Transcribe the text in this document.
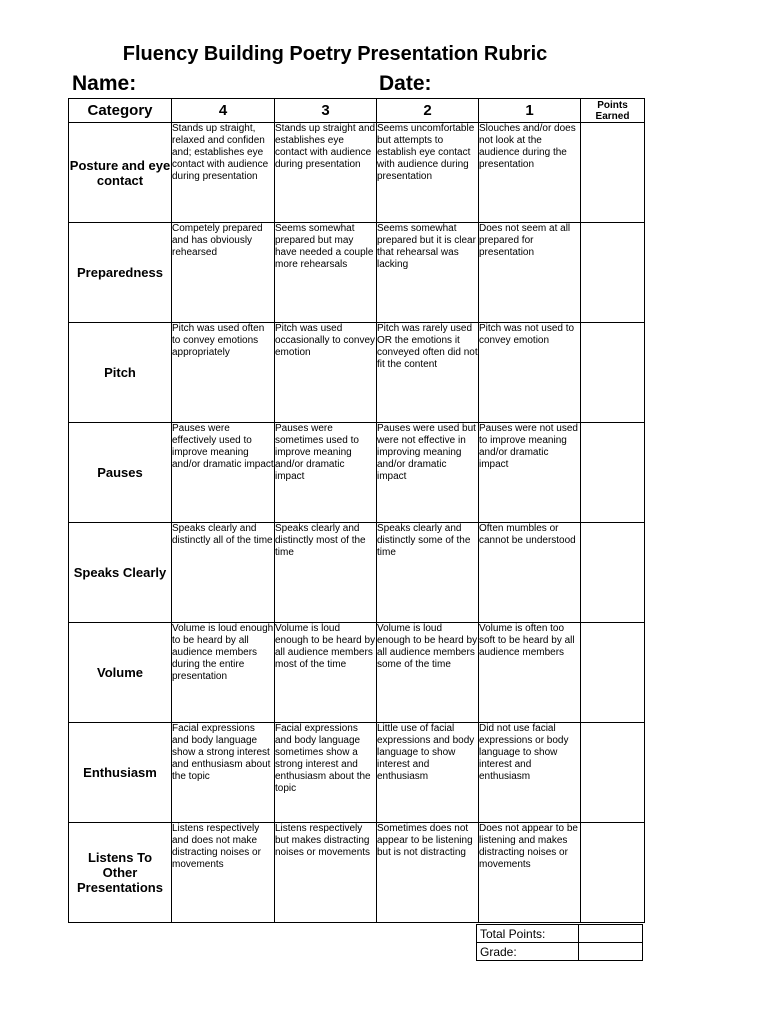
Fluency Building Poetry Presentation Rubric
Name:	Date:
Category	4	3	2	1	Points Earned
Posture and eye contact	Stands up straight, relaxed and confiden and; establishes eye contact with audience during presentation	Stands up straight and establishes eye contact with audience during presentation	Seems uncomfortable but attempts to establish eye contact with audience during presentation	Slouches and/or does not look at the audience during the presentation	
Preparedness	Competely prepared and has obviously rehearsed	Seems somewhat prepared but may have needed a couple more rehearsals	Seems somewhat prepared but it is clear that rehearsal was lacking	Does not seem at all prepared for presentation	
Pitch	Pitch was used often to convey emotions appropriately	Pitch was used occasionally to convey emotion	Pitch was rarely used OR the emotions it conveyed often did not fit the content	Pitch was not used to convey emotion	
Pauses	Pauses were effectively used to improve meaning and/or dramatic impact	Pauses were sometimes used to improve meaning and/or dramatic impact	Pauses were used but were not effective in improving meaning and/or dramatic impact	Pauses were not used to improve meaning and/or dramatic impact	
Speaks Clearly	Speaks clearly and distinctly all of the time	Speaks clearly and distinctly most of the time	Speaks clearly and distinctly some of the time	Often mumbles or cannot be understood	
Volume	Volume is loud enough to be heard by all audience members during the entire presentation	Volume is loud enough to be heard by all audience members most of the time	Volume is loud enough to be heard by all audience members some of the time	Volume is often too soft to be heard by all audience members	
Enthusiasm	Facial expressions and body language show a strong interest and enthusiasm about the topic	Facial expressions and body language sometimes show a strong interest and enthusiasm about the topic	Little use of facial expressions and body language to show interest and enthusiasm	Did not use facial expressions or body language to show interest and enthusiasm	
Listens To Other Presentations	Listens respectively and does not make distracting noises or movements	Listens respectively but makes distracting noises or movements	Sometimes does not appear to be listening but is not distracting	Does not appear to be listening and makes distracting noises or movements	
Total Points:	
Grade:	
